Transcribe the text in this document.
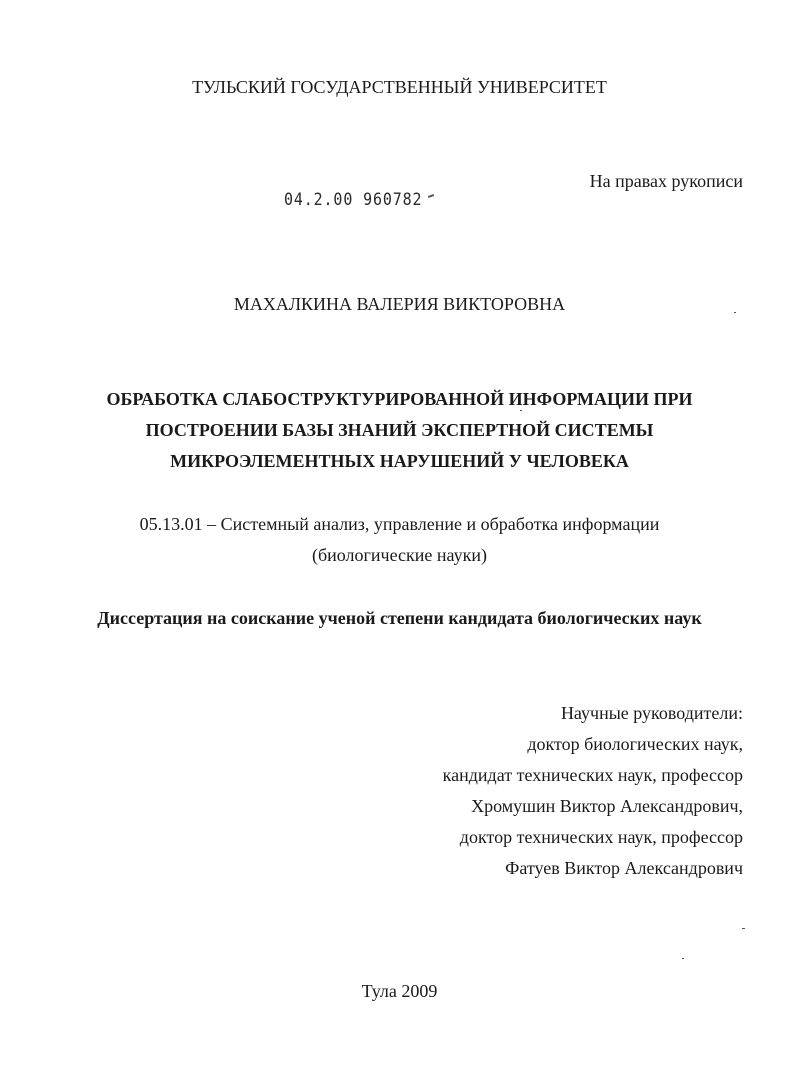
ТУЛЬСКИЙ ГОСУДАРСТВЕННЫЙ УНИВЕРСИТЕТ
На правах рукописи
04.2.00 960782
МАХАЛКИНА ВАЛЕРИЯ ВИКТОРОВНА
ОБРАБОТКА СЛАБОСТРУКТУРИРОВАННОЙ ИНФОРМАЦИИ ПРИ
ПОСТРОЕНИИ БАЗЫ ЗНАНИЙ ЭКСПЕРТНОЙ СИСТЕМЫ
МИКРОЭЛЕМЕНТНЫХ НАРУШЕНИЙ У ЧЕЛОВЕКА
05.13.01 – Системный анализ, управление и обработка информации
(биологические науки)
Диссертация на соискание ученой степени кандидата биологических наук
Научные руководители:
доктор биологических наук,
кандидат технических наук, профессор
Хромушин Виктор Александрович,
доктор технических наук, профессор
Фатуев Виктор Александрович
Тула 2009
